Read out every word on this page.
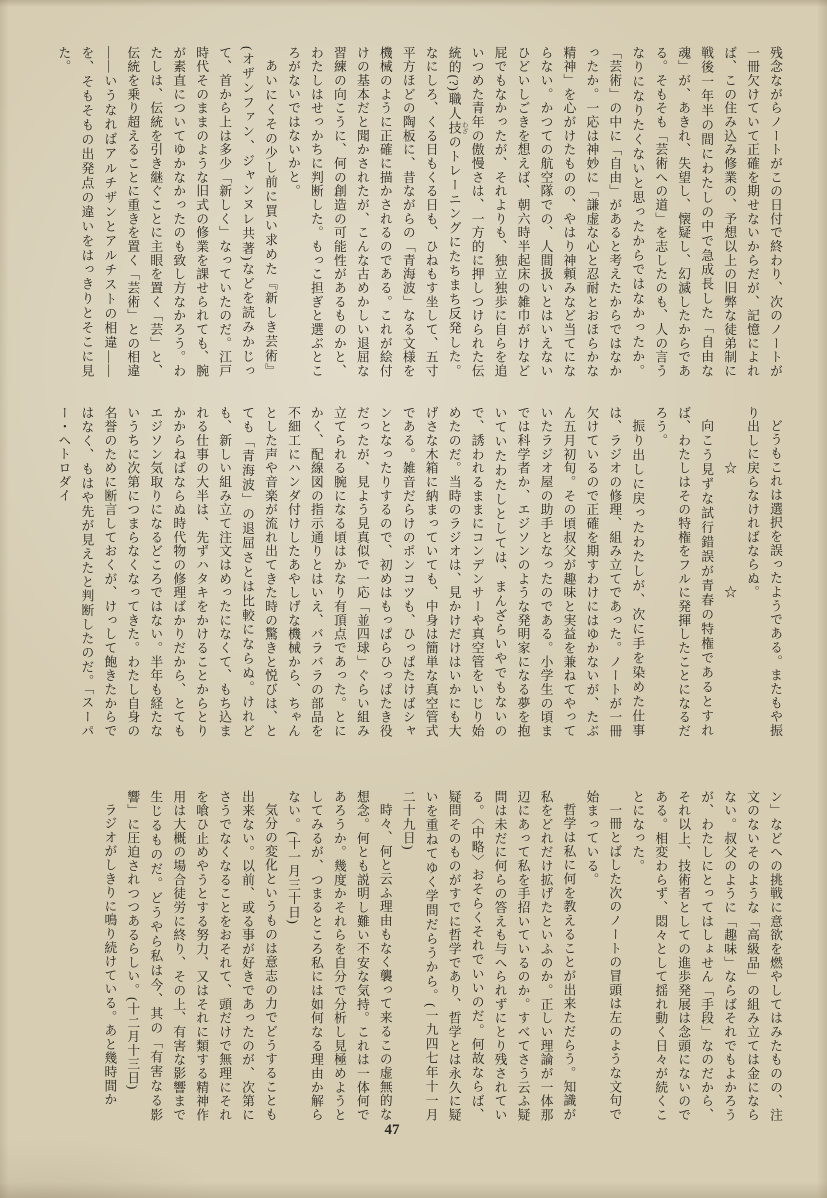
残念ながらノートがこの日付で終わり、次のノートが一冊欠けていて正確を期せないからだが、記憶によれば、この住み込み修業の、予想以上の旧弊な徒弟制に戦後一年半の間にわたしの中で急成長した「自由な魂」が、あきれ、失望し、懐疑し、幻滅したからである。そもそも「芸術への道」を志したのも、人の言うなりになりたくないと思ったからではなかったか。「芸術」の中に「自由」があると考えたからではなかったか。一応は神妙に「謙虚な心と忍耐とおほらかな精神」を心がけたものの、やはり神頼みなど当てにならない。かつての航空隊での、人間扱いとはいえないひどいしごきを想えば、朝六時半起床の雑巾がけなど屁でもなかったが、それよりも、独立独歩に自らを追いつめた青年の傲慢さは、一方的に押しつけられた伝統的(?)職人技 わざのトレーニングにたちまち反発した。なにしろ、くる日もくる日も、ひねもす坐して、五寸平方ほどの陶板に、昔ながらの「青海波」なる文様を機械のように正確に描かされるのである。これが絵付けの基本だと聞かされたが、こんな古めかしい退屈な習練の向こうに、何の創造の可能性があるものかと、わたしはせっかちに判断した。もっこ担ぎと選ぶところがないではないかと。

あいにくその少し前に買い求めた『新しき芸術』(オザンファン、ジャンヌレ共著)などを読みかじって、首から上は多少「新しく」なっていたのだ。江戸時代そのままのような旧式の修業を課せられても、腕が素直についてゆかなかったのも致し方なかろう。わたしは、伝統を引き継ぐことに主眼を置く「芸」と、伝統を乗り超えることに重きを置く「芸術」との相違――いうなればアルチザンとアルチストの相違――を、そもそもの出発点の違いをはっきりとそこに見た。

どうもこれは選択を誤ったようである。またもや振り出しに戻らなければならぬ。

　　　　☆　　　　　　　　☆

向こう見ずな試行錯誤が青春の特権であるとすれば、わたしはその特権をフルに発揮したことになるだろう。

振り出しに戻ったわたしが、次に手を染めた仕事は、ラジオの修理、組み立てであった。ノートが一冊欠けているので正確を期すわけにはゆかないが、たぶん五月初旬。その頃叔父が趣味と実益を兼ねてやっていたラジオ屋の助手となったのである。小学生の頃までは科学者か、エジソンのような発明家になる夢を抱いていたわたしとしては、まんざらいやでもないので、誘われるままにコンデンサーや真空管をいじり始めたのだ。当時のラジオは、見かけだけはいかにも大げさな木箱に納まっていても、中身は簡単な真空管式である。雑音だらけのポンコツも、ひっぱたけばシャンとなったりするので、初めはもっぱらひっぱたき役だったが、見よう見真似で一応「並四球」ぐらい組み立てられる腕になる頃はかなり有頂点であった。とにかく、配線図の指示通りとはいえ、バラバラの部品を不細工にハンダ付けしたあやしげな機械から、ちゃんとした声や音楽が流れ出てきた時の驚きと悦びは、とても「青海波」の退屈さとは比較にならぬ。けれども、新しい組み立て注文はめったになくて、もち込まれる仕事の大半は、先ずハタキをかけることからとりかからねばならぬ時代物の修理ばかりだから、とてもエジソン気取りになるどころではない。半年も経たないうちに次第につまらなくなってきた。わたし自身の名誉のために断言しておくが、けっして飽きたからではなく、もはや先が見えたと判断したのだ。「スーパー・ヘトロダイ

ン」などへの挑戦に意欲を燃やしてはみたものの、注文のないそのような「高級品」の組み立ては金にならない。叔父のように「趣味」ならばそれでもよかろうが、わたしにとってはしょせん「手段」なのだから、それ以上、技術者としての進歩発展は念頭にないのである。相変わらず、悶々として揺れ動く日々が続くことになった。

一冊とばした次のノートの冒頭は左のような文句で始まっている。

哲学は私に何を教えることが出来ただらう。知識が私をどれだけ拡げたといふのか。正しい理論が一体那辺にあって私を手招いているのか。すべてさう云ふ疑問は未だに何らの答えも与へられずにとり残されている。〈中略〉おそらくそれでいいのだ。何故ならば、疑問そのものがすでに哲学であり、哲学とは永久に疑いを重ねてゆく学問だらうから。(一九四七年十一月二十九日)

時々、何と云ふ理由もなく襲って来るこの虚無的な想念。何とも説明し難い不安な気持。これは一体何であろうか。幾度かそれらを自分で分析し見極めようとしてみるが、つまるところ私には如何なる理由か解らない。(十一月三十日)

気分の変化というものは意志の力でどうすることも出来ない。以前、或る事が好きであったのが、次第にさうでなくなることをおそれて、頭だけで無理にそれを喰ひ止めやうとする努力、又はそれに類する精神作用は大概の場合徒労に終り、その上、有害な影響まで生じるものだ。どうやら私は今、其の「有害なる影響」に圧迫されつつあるらしい。(十二月十三日)

ラジオがしきりに鳴り続けている。あと幾時間か

47
